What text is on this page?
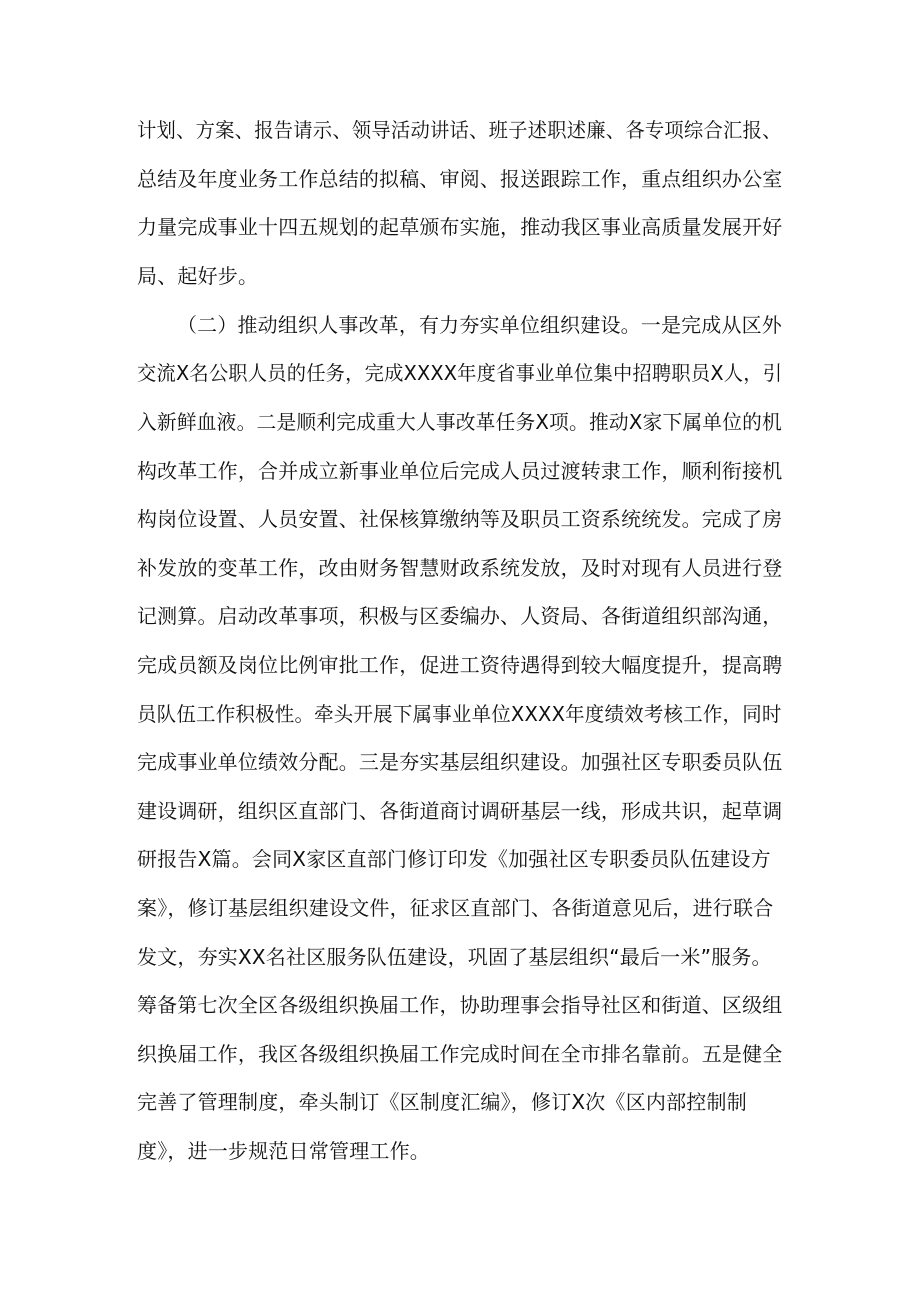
计划、方案、报告请示、领导活动讲话、班子述职述廉、各专项综合汇报、

总结及年度业务工作总结的拟稿、审阅、报送跟踪工作，重点组织办公室

力量完成事业十四五规划的起草颁布实施，推动我区事业高质量发展开好

局、起好步。

（二）推动组织人事改革，有力夯实单位组织建设。一是完成从区外

交流X名公职人员的任务，完成XXXX年度省事业单位集中招聘职员X人，引

入新鲜血液。二是顺利完成重大人事改革任务X项。推动X家下属单位的机

构改革工作，合并成立新事业单位后完成人员过渡转隶工作，顺利衔接机

构岗位设置、人员安置、社保核算缴纳等及职员工资系统统发。完成了房

补发放的变革工作，改由财务智慧财政系统发放，及时对现有人员进行登

记测算。启动改革事项，积极与区委编办、人资局、各街道组织部沟通，

完成员额及岗位比例审批工作，促进工资待遇得到较大幅度提升，提高聘

员队伍工作积极性。牵头开展下属事业单位XXXX年度绩效考核工作，同时

完成事业单位绩效分配。三是夯实基层组织建设。加强社区专职委员队伍

建设调研，组织区直部门、各街道商讨调研基层一线，形成共识，起草调

研报告X篇。会同X家区直部门修订印发《加强社区专职委员队伍建设方

案》，修订基层组织建设文件，征求区直部门、各街道意见后，进行联合

发文，夯实XX名社区服务队伍建设，巩固了基层组织“最后一米”服务。

筹备第七次全区各级组织换届工作，协助理事会指导社区和街道、区级组

织换届工作，我区各级组织换届工作完成时间在全市排名靠前。五是健全

完善了管理制度，牵头制订《区制度汇编》，修订X次《区内部控制制

度》，进一步规范日常管理工作。
